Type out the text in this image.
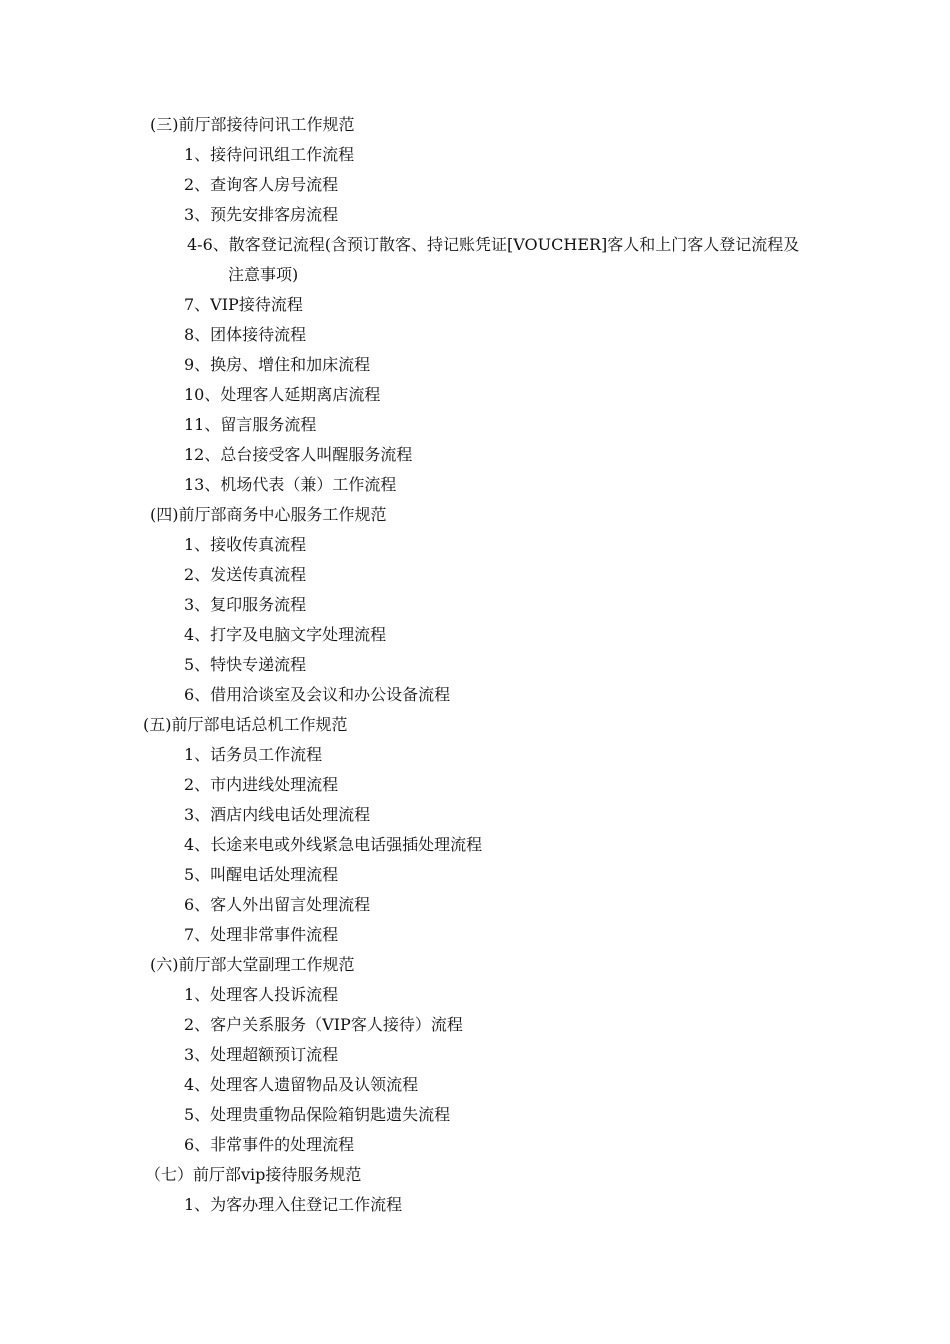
(三)前厅部接待问讯工作规范
1、接待问讯组工作流程
2、查询客人房号流程
3、预先安排客房流程
4-6、散客登记流程(含预订散客、持记账凭证[VOUCHER]客人和上门客人登记流程及
注意事项)
7、VIP接待流程
8、团体接待流程
9、换房、增住和加床流程
10、处理客人延期离店流程
11、留言服务流程
12、总台接受客人叫醒服务流程
13、机场代表（兼）工作流程
(四)前厅部商务中心服务工作规范
1、接收传真流程
2、发送传真流程
3、复印服务流程
4、打字及电脑文字处理流程
5、特快专递流程
6、借用洽谈室及会议和办公设备流程
(五)前厅部电话总机工作规范
1、话务员工作流程
2、市内进线处理流程
3、酒店内线电话处理流程
4、长途来电或外线紧急电话强插处理流程
5、叫醒电话处理流程
6、客人外出留言处理流程
7、处理非常事件流程
(六)前厅部大堂副理工作规范
1、处理客人投诉流程
2、客户关系服务（VIP客人接待）流程
3、处理超额预订流程
4、处理客人遗留物品及认领流程
5、处理贵重物品保险箱钥匙遗失流程
6、非常事件的处理流程
（七）前厅部vip接待服务规范
1、为客办理入住登记工作流程
